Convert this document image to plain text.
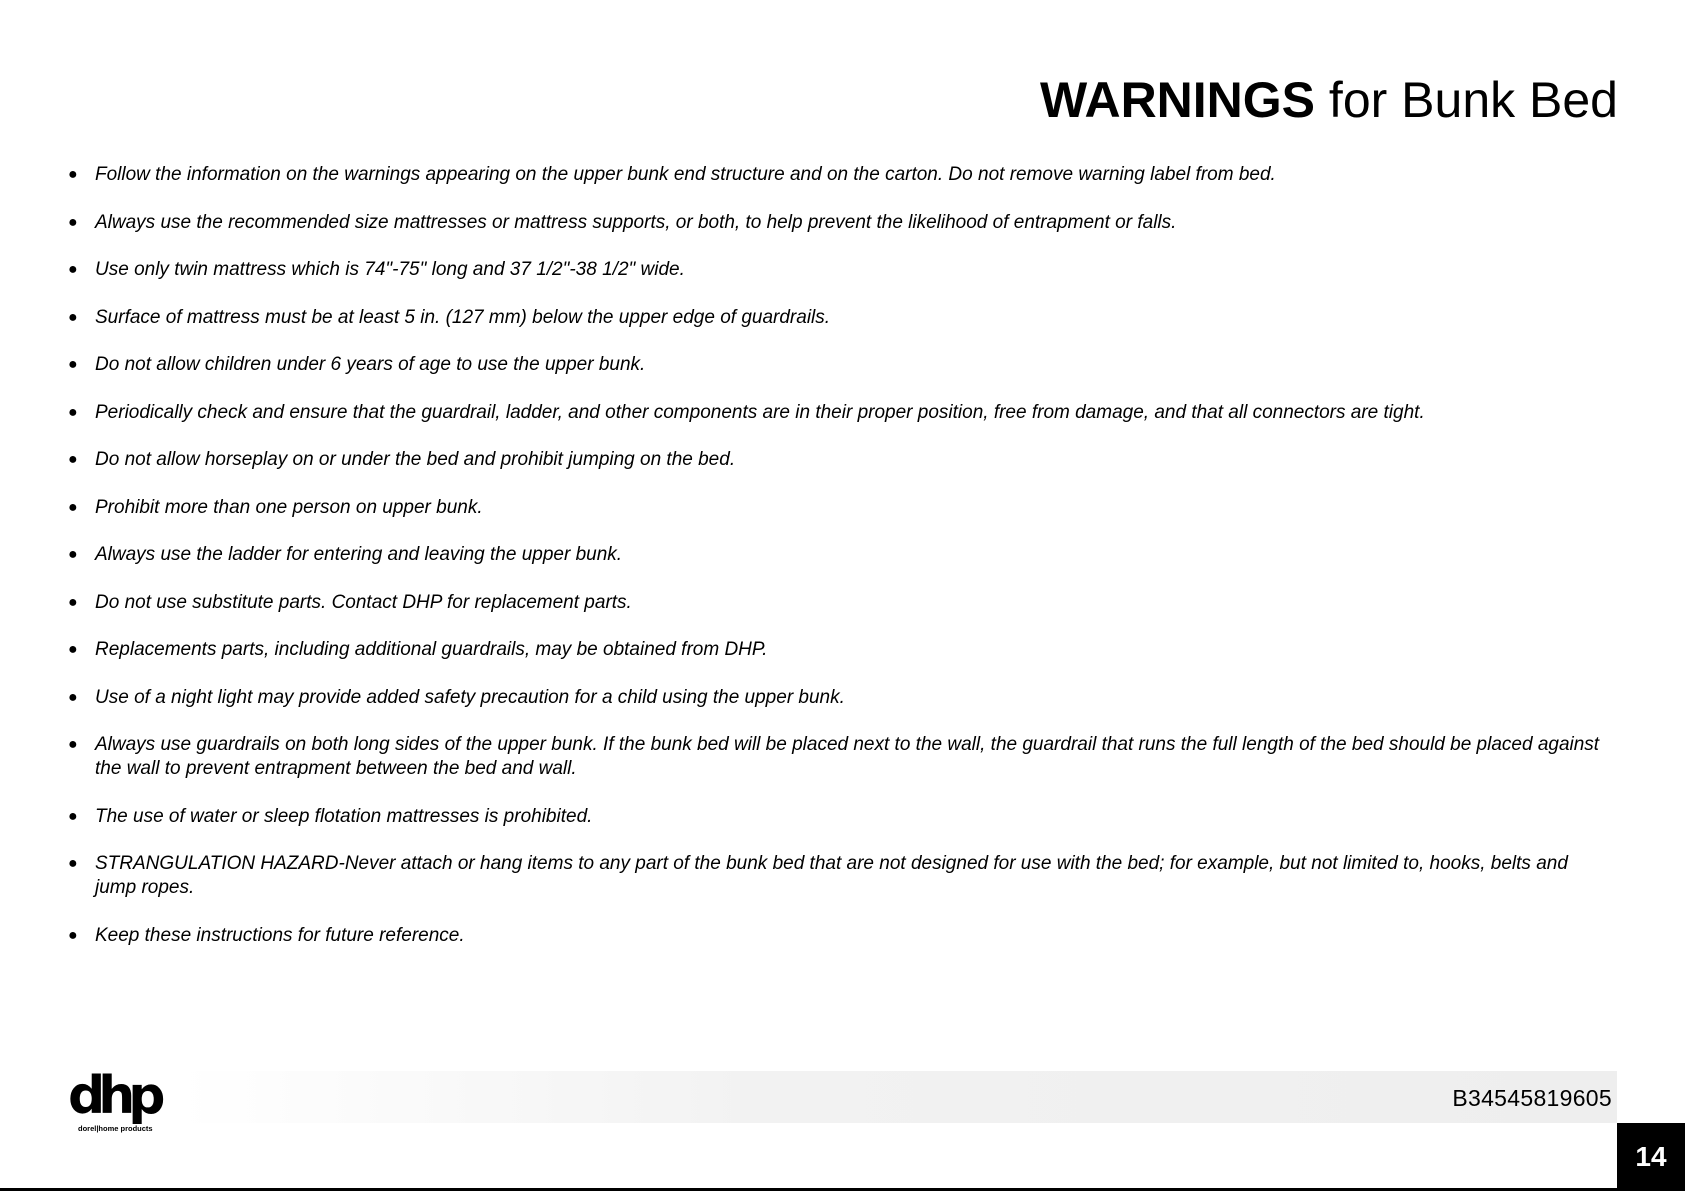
WARNINGS for Bunk Bed
● Follow the information on the warnings appearing on the upper bunk end structure and on the carton. Do not remove warning label from bed.
● Always use the recommended size mattresses or mattress supports, or both, to help prevent the likelihood of entrapment or falls.
● Use only twin mattress which is 74"-75" long and 37 1/2"-38 1/2" wide.
● Surface of mattress must be at least 5 in. (127 mm) below the upper edge of guardrails.
● Do not allow children under 6 years of age to use the upper bunk.
● Periodically check and ensure that the guardrail, ladder, and other components are in their proper position, free from damage, and that all connectors are tight.
● Do not allow horseplay on or under the bed and prohibit jumping on the bed.
● Prohibit more than one person on upper bunk.
● Always use the ladder for entering and leaving the upper bunk.
● Do not use substitute parts. Contact DHP for replacement parts.
● Replacements parts, including additional guardrails, may be obtained from DHP.
● Use of a night light may provide added safety precaution for a child using the upper bunk.
● Always use guardrails on both long sides of the upper bunk. If the bunk bed will be placed next to the wall, the guardrail that runs the full length of the bed should be placed against the wall to prevent entrapment between the bed and wall.
● The use of water or sleep flotation mattresses is prohibited.
● STRANGULATION HAZARD-Never attach or hang items to any part of the bunk bed that are not designed for use with the bed; for example, but not limited to, hooks, belts and jump ropes.
● Keep these instructions for future reference.
dhp
dorel|home products
B34545819605
14
